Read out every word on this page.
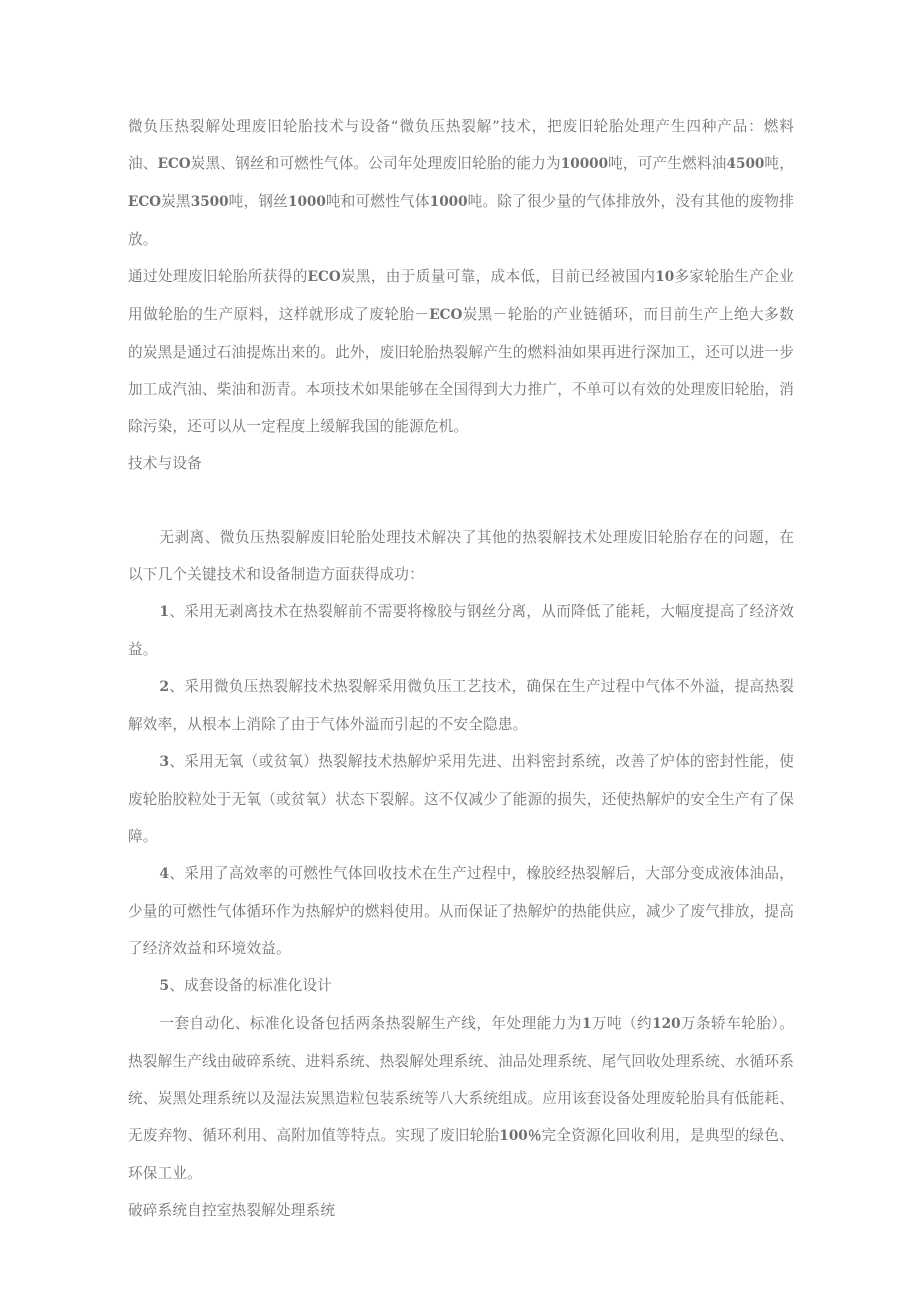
微负压热裂解处理废旧轮胎技术与设备“微负压热裂解”技术，把废旧轮胎处理产生四种产品：燃料油、ECO炭黑、钢丝和可燃性气体。公司年处理废旧轮胎的能力为10000吨，可产生燃料油4500吨，ECO炭黑3500吨，钢丝1000吨和可燃性气体1000吨。除了很少量的气体排放外，没有其他的废物排放。

通过处理废旧轮胎所获得的ECO炭黑，由于质量可靠，成本低，目前已经被国内10多家轮胎生产企业用做轮胎的生产原料，这样就形成了废轮胎－ECO炭黑－轮胎的产业链循环，而目前生产上绝大多数的炭黑是通过石油提炼出来的。此外，废旧轮胎热裂解产生的燃料油如果再进行深加工，还可以进一步加工成汽油、柴油和沥青。本项技术如果能够在全国得到大力推广，不单可以有效的处理废旧轮胎，消除污染，还可以从一定程度上缓解我国的能源危机。

技术与设备

无剥离、微负压热裂解废旧轮胎处理技术解决了其他的热裂解技术处理废旧轮胎存在的问题，在以下几个关键技术和设备制造方面获得成功：

1、采用无剥离技术在热裂解前不需要将橡胶与钢丝分离，从而降低了能耗，大幅度提高了经济效益。

2、采用微负压热裂解技术热裂解采用微负压工艺技术，确保在生产过程中气体不外溢，提高热裂解效率，从根本上消除了由于气体外溢而引起的不安全隐患。

3、采用无氧（或贫氧）热裂解技术热解炉采用先进、出料密封系统，改善了炉体的密封性能，使废轮胎胶粒处于无氧（或贫氧）状态下裂解。这不仅减少了能源的损失，还使热解炉的安全生产有了保障。

4、采用了高效率的可燃性气体回收技术在生产过程中，橡胶经热裂解后，大部分变成液体油品，少量的可燃性气体循环作为热解炉的燃料使用。从而保证了热解炉的热能供应，减少了废气排放，提高了经济效益和环境效益。

5、成套设备的标准化设计

一套自动化、标准化设备包括两条热裂解生产线，年处理能力为1万吨（约120万条轿车轮胎）。热裂解生产线由破碎系统、进料系统、热裂解处理系统、油品处理系统、尾气回收处理系统、水循环系统、炭黑处理系统以及湿法炭黑造粒包装系统等八大系统组成。应用该套设备处理废轮胎具有低能耗、无废弃物、循环利用、高附加值等特点。实现了废旧轮胎100％完全资源化回收利用，是典型的绿色、环保工业。

破碎系统自控室热裂解处理系统
